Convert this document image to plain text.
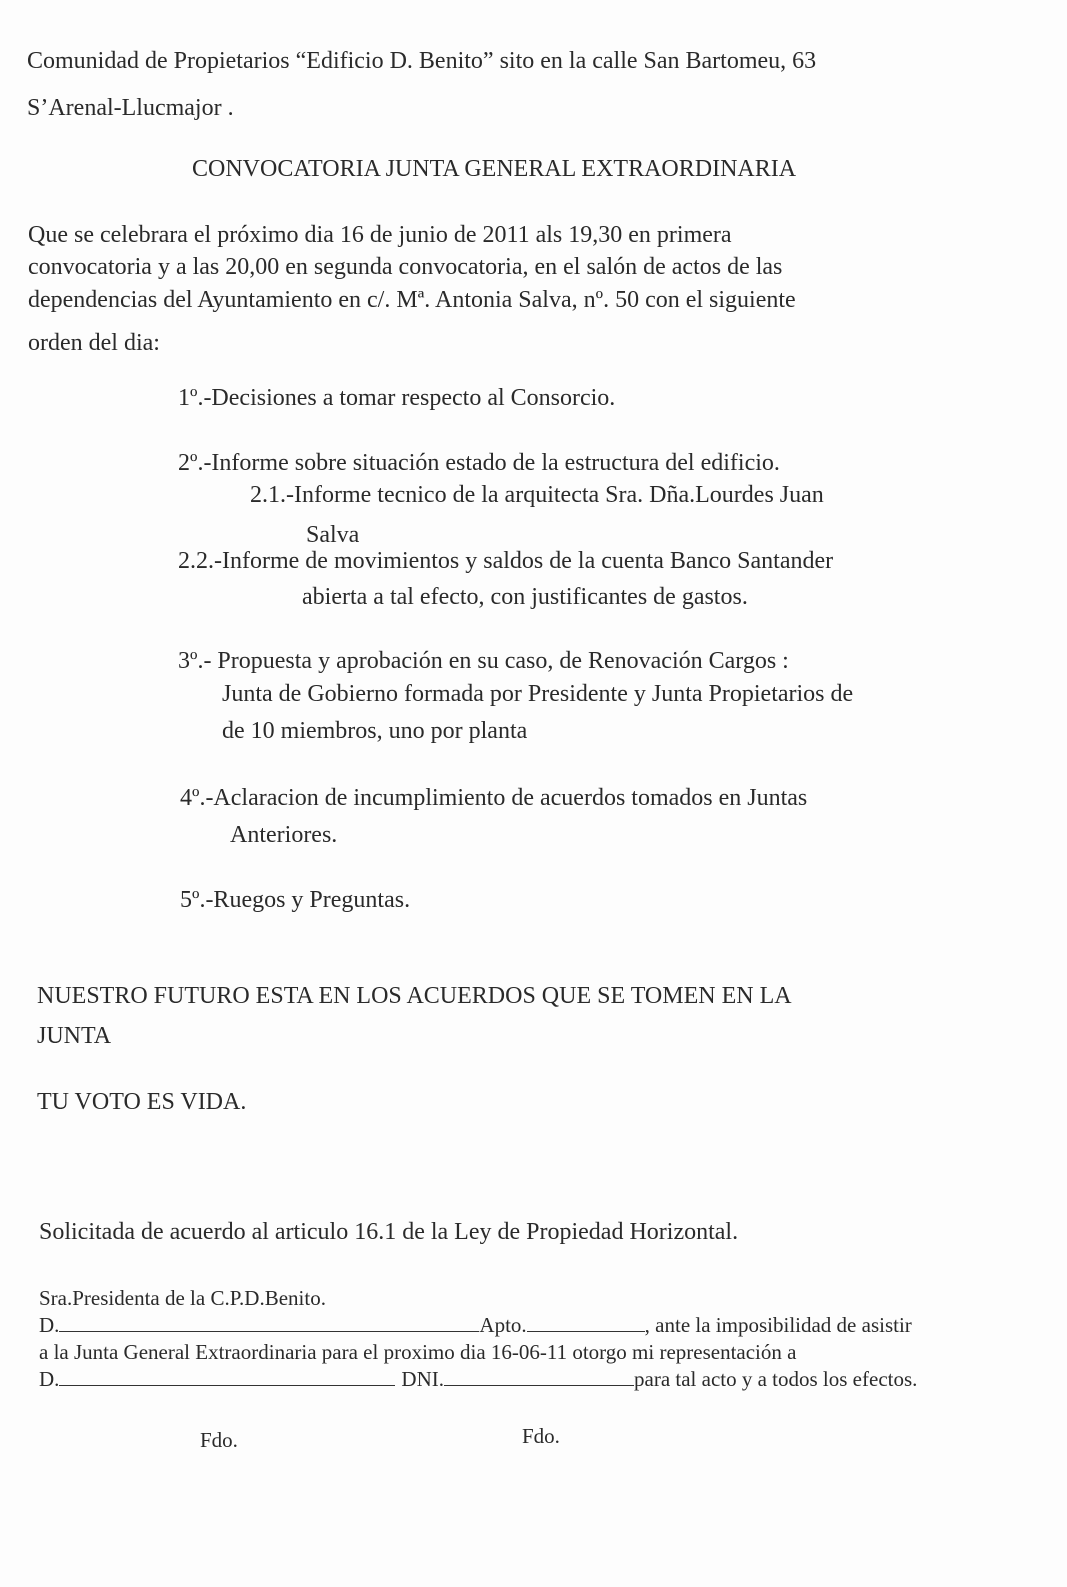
Comunidad de Propietarios “Edificio D. Benito” sito en la calle San Bartomeu, 63
S’Arenal-Llucmajor .
CONVOCATORIA JUNTA GENERAL EXTRAORDINARIA
Que se celebrara el próximo dia 16 de junio de 2011 als 19,30 en primera
convocatoria y a las 20,00 en segunda convocatoria, en el salón de actos de las
dependencias del Ayuntamiento en c/. Mª. Antonia Salva, nº. 50 con el siguiente
orden del dia:
1º.-Decisiones a tomar respecto al Consorcio.
2º.-Informe sobre situación estado de la estructura del edificio.
2.1.-Informe tecnico de la arquitecta Sra. Dña.Lourdes Juan
Salva
2.2.-Informe de movimientos y saldos de la cuenta Banco Santander
abierta a tal efecto, con justificantes de gastos.
3º.- Propuesta y aprobación en su caso, de Renovación Cargos :
Junta de Gobierno formada por Presidente y Junta Propietarios de
de 10 miembros, uno por planta
4º.-Aclaracion de incumplimiento de acuerdos tomados en Juntas
Anteriores.
5º.-Ruegos y Preguntas.
NUESTRO FUTURO ESTA EN LOS ACUERDOS QUE SE TOMEN EN LA
JUNTA
TU VOTO ES VIDA.
Solicitada de acuerdo al articulo 16.1 de la Ley de Propiedad Horizontal.
Sra.Presidenta de la C.P.D.Benito.
D.	Apto.	, ante la imposibilidad de asistir
a la Junta General Extraordinaria para el proximo dia 16-06-11 otorgo mi representación a
D.	DNI.	para tal acto y a todos los efectos.
Fdo.	Fdo.
